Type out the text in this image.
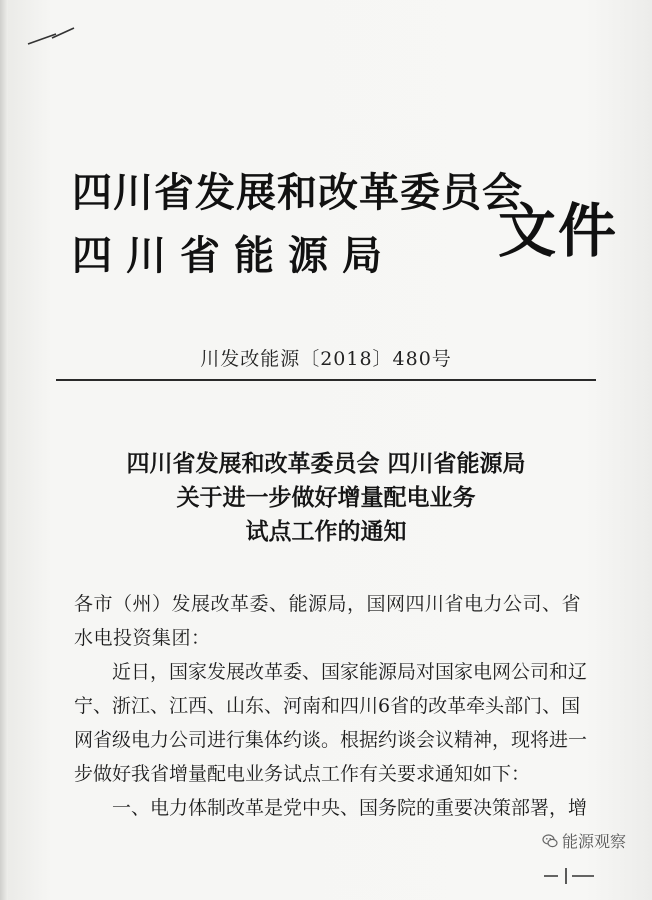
四川省发展和改革委员会
四川省能源局	文件
川发改能源〔2018〕480号
四川省发展和改革委员会 四川省能源局
关于进一步做好增量配电业务
试点工作的通知

各市（州）发展改革委、能源局，国网四川省电力公司、省水电投资集团：

近日，国家发展改革委、国家能源局对国家电网公司和辽宁、浙江、江西、山东、河南和四川6省的改革牵头部门、国网省级电力公司进行集体约谈。根据约谈会议精神，现将进一步做好我省增量配电业务试点工作有关要求通知如下：

一、电力体制改革是党中央、国务院的重要决策部署，增

能源观察
